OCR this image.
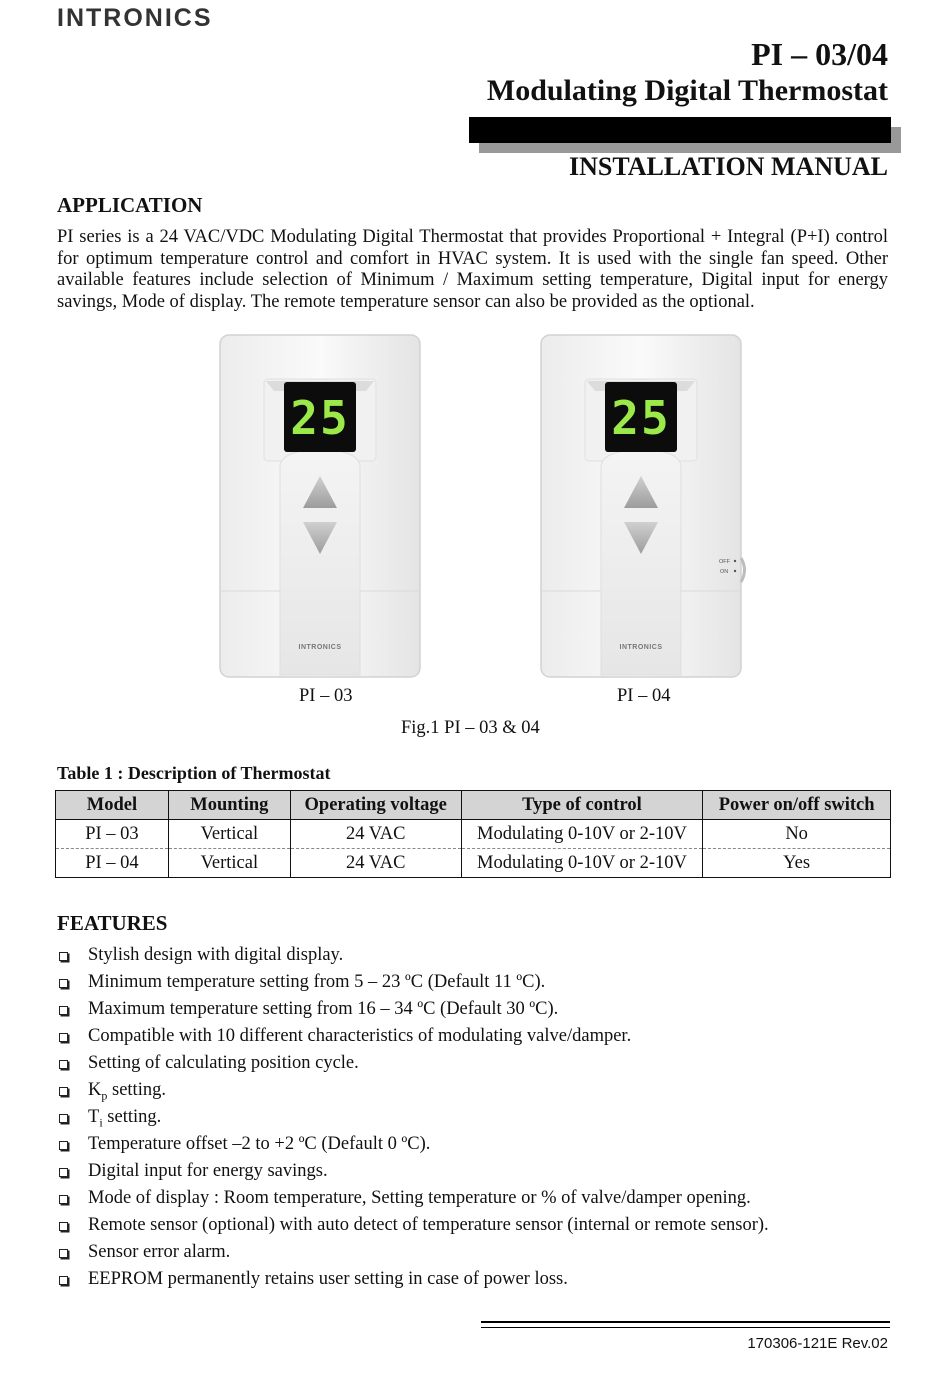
INTRONICS
PI – 03/04
Modulating Digital Thermostat
INSTALLATION MANUAL
APPLICATION

PI series is a 24 VAC/VDC Modulating Digital Thermostat that provides Proportional + Integral (P+I) control for optimum temperature control and comfort in HVAC system. It is used with the single fan speed. Other available features include selection of Minimum / Maximum setting temperature, Digital input for energy savings, Mode of display. The remote temperature sensor can also be provided as the optional.

25	25
INTRONICS	INTRONICS
OFF
ON
PI – 03	PI – 04
Fig.1 PI – 03 & 04
Table 1 : Description of Thermostat
Model	Mounting	Operating voltage	Type of control	Power on/off switch
PI – 03	Vertical	24 VAC	Modulating 0-10V or 2-10V	No
PI – 04	Vertical	24 VAC	Modulating 0-10V or 2-10V	Yes
FEATURES
Stylish design with digital display.
Minimum temperature setting from 5 – 23 ºC (Default 11 ºC).
Maximum temperature setting from 16 – 34 ºC (Default 30 ºC).
Compatible with 10 different characteristics of modulating valve/damper.
Setting of calculating position cycle.
$K_p$ setting.
$T_i$ setting.
Temperature offset –2 to +2 ºC (Default 0 ºC).
Digital input for energy savings.
Mode of display : Room temperature, Setting temperature or % of valve/damper opening.
Remote sensor (optional) with auto detect of temperature sensor (internal or remote sensor).
Sensor error alarm.
EEPROM permanently retains user setting in case of power loss.
170306-121E Rev.02
